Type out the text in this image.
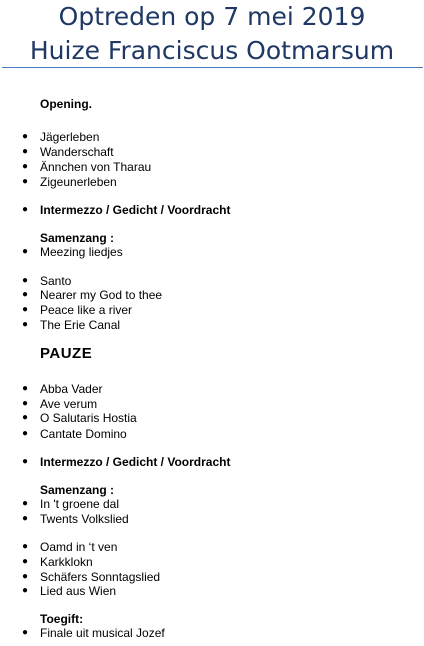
Optreden op 7 mei 2019
Huize Franciscus Ootmarsum
Opening.
● Jägerleben
● Wanderschaft
● Ännchen von Tharau
● Zigeunerleben
● Intermezzo / Gedicht / Voordracht
Samenzang :
● Meezing liedjes
● Santo
● Nearer my God to thee
● Peace like a river
● The Erie Canal
PAUZE
● Abba Vader
● Ave verum
● O Salutaris Hostia
● Cantate Domino
● Intermezzo / Gedicht / Voordracht
Samenzang :
● In 't groene dal
● Twents Volkslied
● Oamd in ‘t ven
● Karkklokn
● Schäfers Sonntagslied
● Lied aus Wien
Toegift:
● Finale uit musical Jozef
